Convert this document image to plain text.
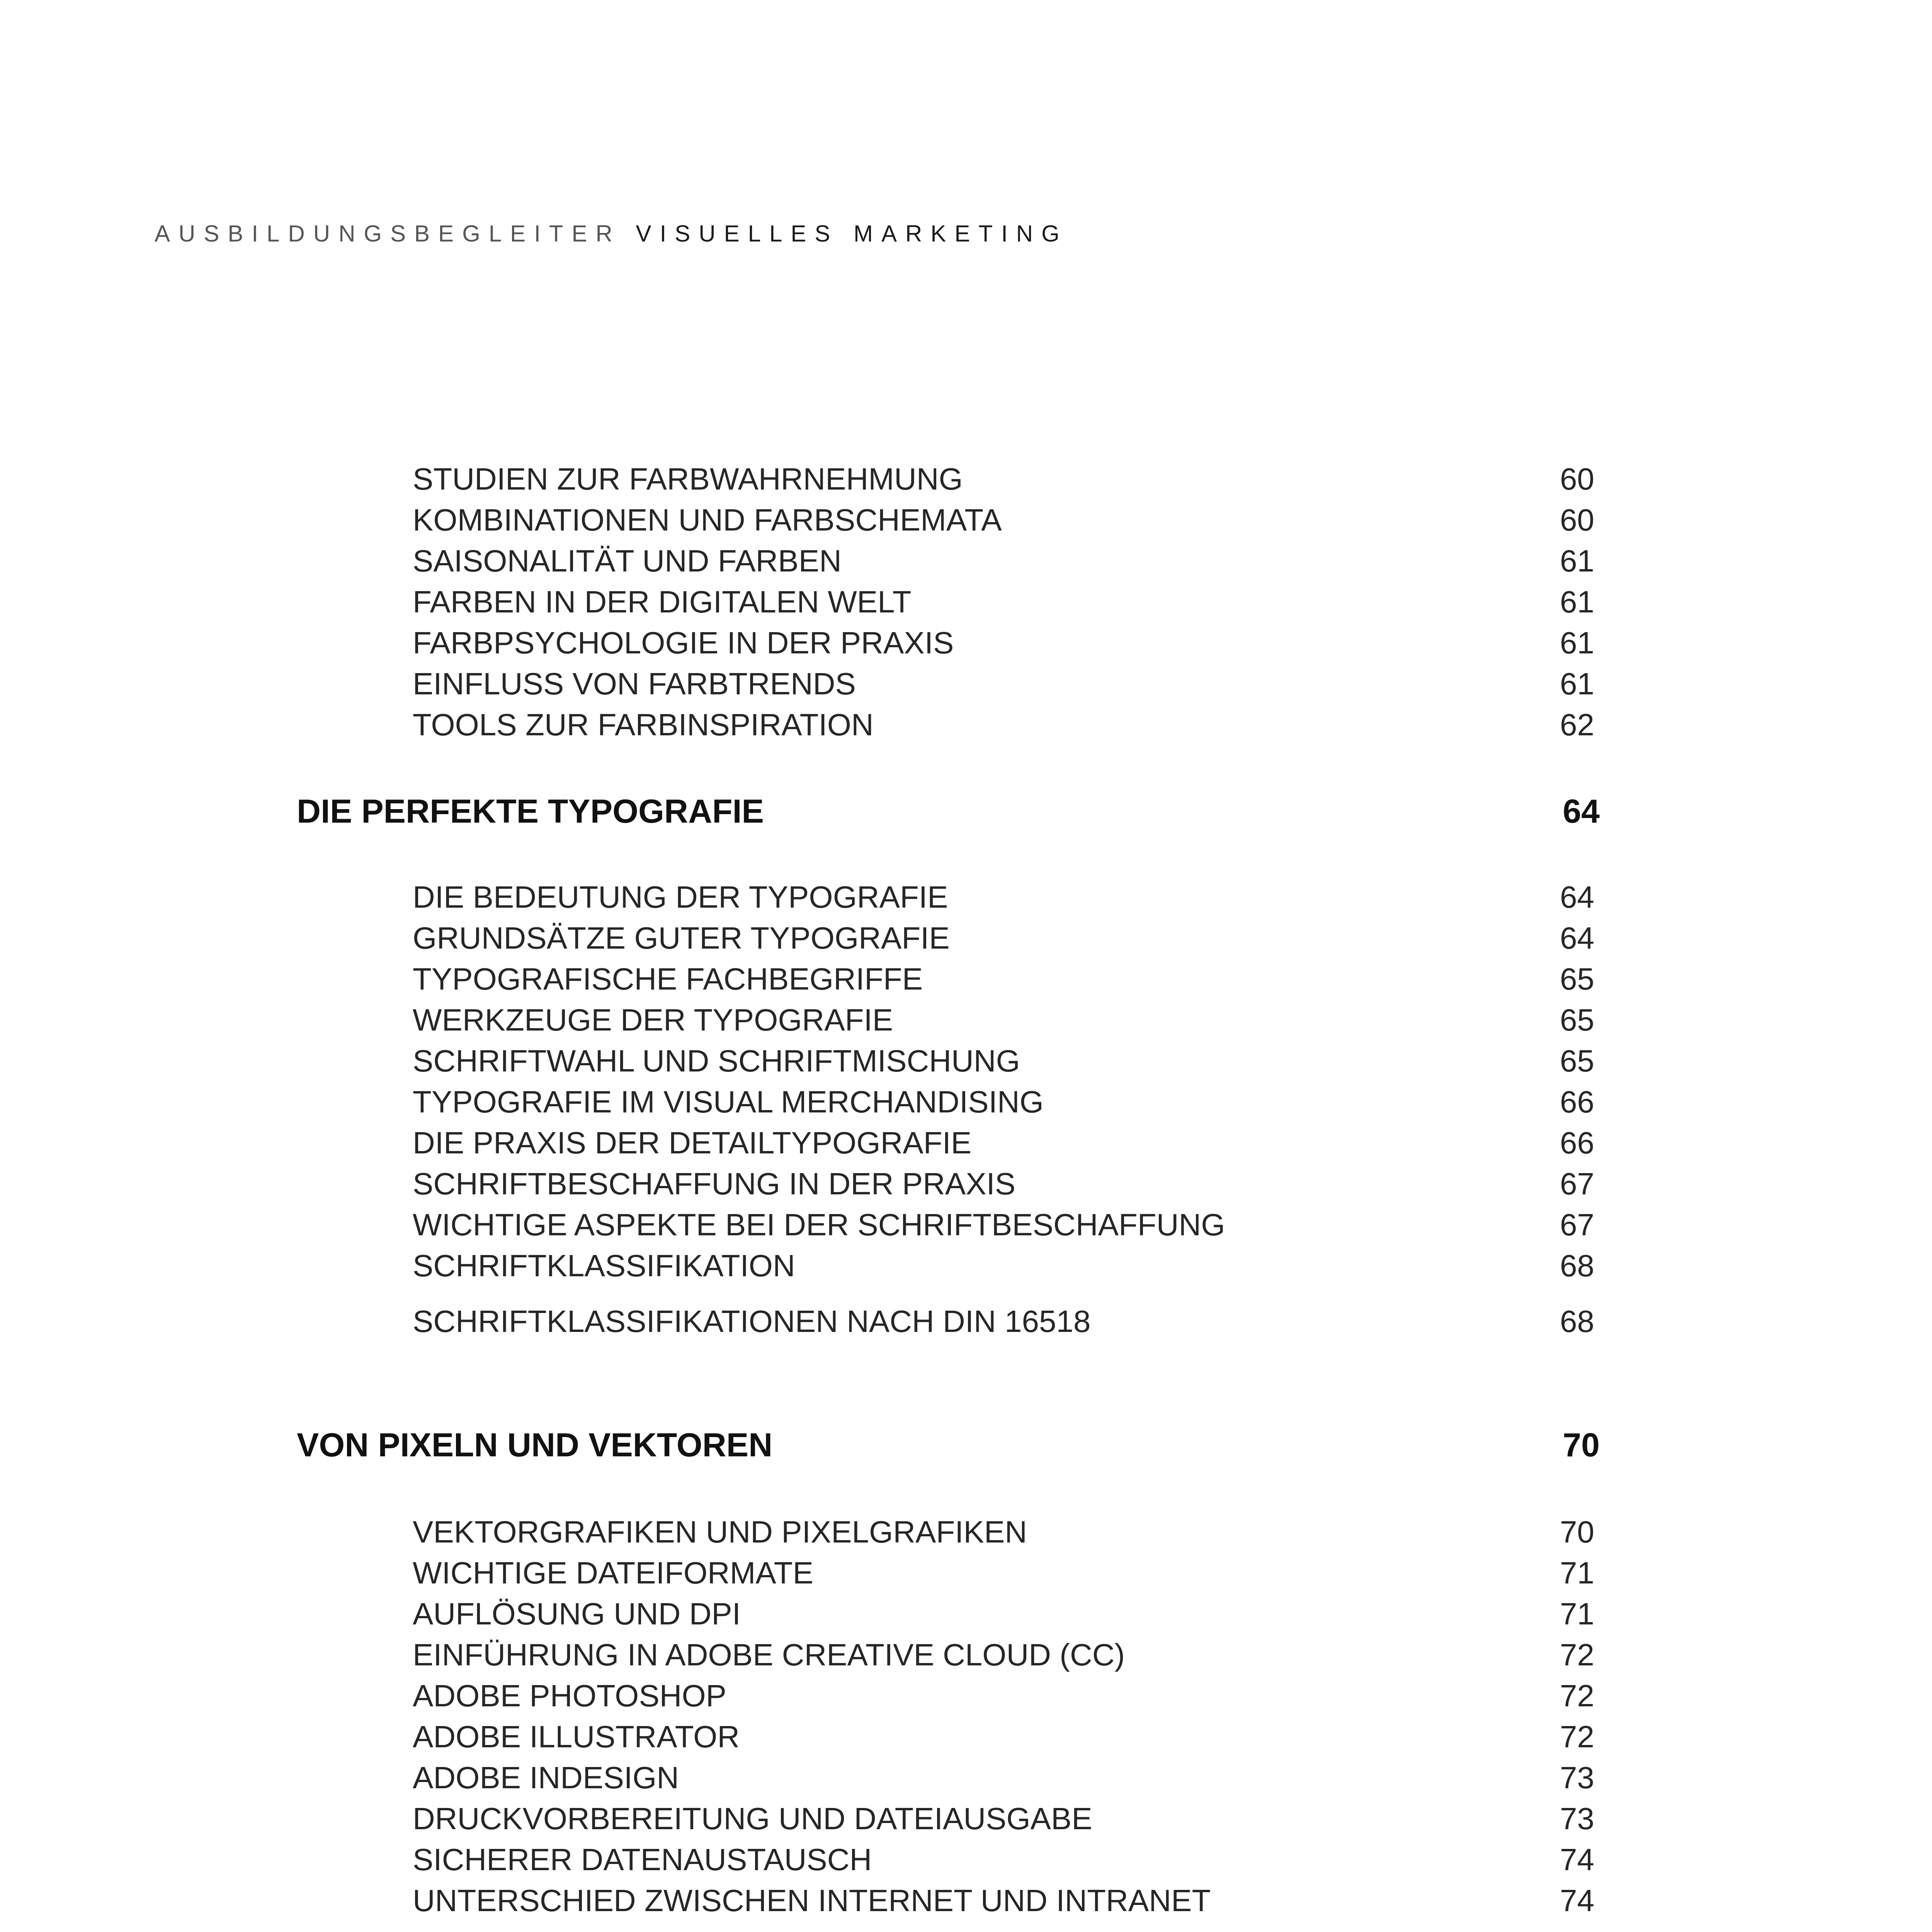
AUSBILDUNGSBEGLEITER VISUELLES MARKETING
STUDIEN ZUR FARBWAHRNEHMUNG	60
KOMBINATIONEN UND FARBSCHEMATA	60
SAISONALITÄT UND FARBEN	61
FARBEN IN DER DIGITALEN WELT	61
FARBPSYCHOLOGIE IN DER PRAXIS	61
EINFLUSS VON FARBTRENDS	61
TOOLS ZUR FARBINSPIRATION	62
DIE PERFEKTE TYPOGRAFIE	64
DIE BEDEUTUNG DER TYPOGRAFIE	64
GRUNDSÄTZE GUTER TYPOGRAFIE	64
TYPOGRAFISCHE FACHBEGRIFFE	65
WERKZEUGE DER TYPOGRAFIE	65
SCHRIFTWAHL UND SCHRIFTMISCHUNG	65
TYPOGRAFIE IM VISUAL MERCHANDISING	66
DIE PRAXIS DER DETAILTYPOGRAFIE	66
SCHRIFTBESCHAFFUNG IN DER PRAXIS	67
WICHTIGE ASPEKTE BEI DER SCHRIFTBESCHAFFUNG	67
SCHRIFTKLASSIFIKATION	68
SCHRIFTKLASSIFIKATIONEN NACH DIN 16518	68
VON PIXELN UND VEKTOREN	70
VEKTORGRAFIKEN UND PIXELGRAFIKEN	70
WICHTIGE DATEIFORMATE	71
AUFLÖSUNG UND DPI	71
EINFÜHRUNG IN ADOBE CREATIVE CLOUD (CC)	72
ADOBE PHOTOSHOP	72
ADOBE ILLUSTRATOR	72
ADOBE INDESIGN	73
DRUCKVORBEREITUNG UND DATEIAUSGABE	73
SICHERER DATENAUSTAUSCH	74
UNTERSCHIED ZWISCHEN INTERNET UND INTRANET	74
